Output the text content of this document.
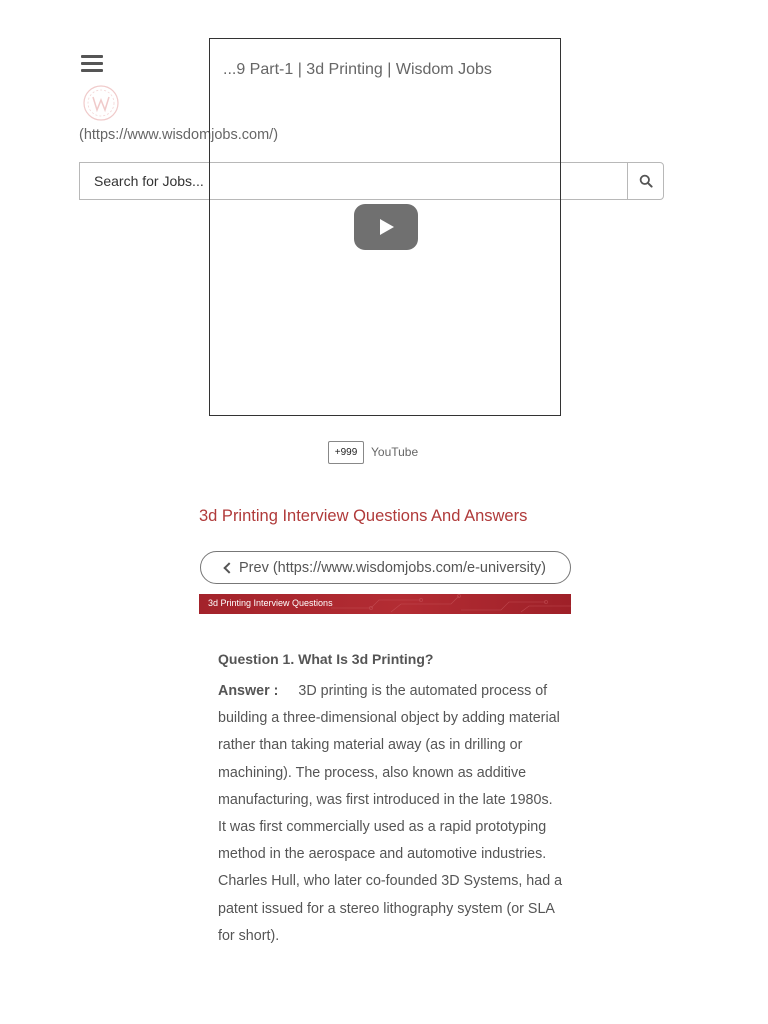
(https://www.wisdomjobs.com/)
Search for Jobs...
...9 Part-1 | 3d Printing | Wisdom Jobs
+999	YouTube
3d Printing Interview Questions And Answers
Prev (https://www.wisdomjobs.com/e-university)
3d Printing Interview Questions
Question 1. What Is 3d Printing?

Answer : 3D printing is the automated process of building a three-dimensional object by adding material rather than taking material away (as in drilling or machining). The process, also known as additive manufacturing, was first introduced in the late 1980s. It was first commercially used as a rapid prototyping method in the aerospace and automotive industries. Charles Hull, who later co-founded 3D Systems, had a patent issued for a stereo lithography system (or SLA for short).
